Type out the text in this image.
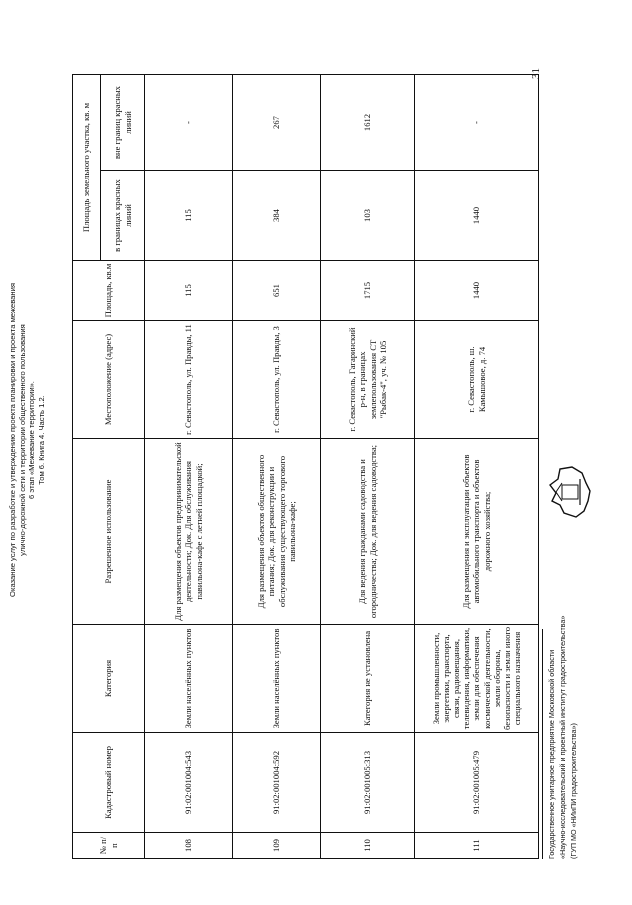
Оказание услуг по разработке и утверждению проекта планировки и проекта межевания улично-дорожной сети и территории общественного пользования 6 этап «Межевание территории». Том 6. Книга 4. Часть 1.2.
31
№ п/п	Кадастровый номер	Категория	Разрешенное использование	Местоположение (адрес)	Площадь, кв.м	Площадь земельного участка, кв. м	
						в границах красных линий	вне границ красных линий
108	91:02:001004:543	Земли населённых пунктов	Для размещения объектов предпринимательской деятельности; Док. Для обслуживания павильона-кафе с летней площадкой;	г. Севастополь, ул. Правды, 11	115	115	-
109	91:02:001004:592	Земли населённых пунктов	Для размещения объектов общественного питания; Док. для реконструкции и обслуживания существующего торгового павильона-кафе;	г. Севастополь, ул. Правды, 3	651	384	267
110	91:02:001005:313	Категория не установлена	Для ведения гражданами садоводства и огородничества; Док. для ведения садоводства;	г. Севастополь, Гагаринский р-н, в границах землепользования СТ "Рыбак-4", уч. № 105	1715	103	1612
111	91:02:001005:479	Земли промышленности, энергетики, транспорта, связи, радиовещания, телевидения, информатики, земли для обеспечения космической деятельности, земли обороны, безопасности и земли иного специального назначения	Для размещения и эксплуатации объектов автомобильного транспорта и объектов дорожного хозяйства;	г. Севастополь, ш. Камышовое, д. 74	1440	1440	-
Государственное унитарное предприятие Московской области «Научно-исследовательский и проектный институт градостроительства» (ГУП МО «НИиПИ градостроительства»)
